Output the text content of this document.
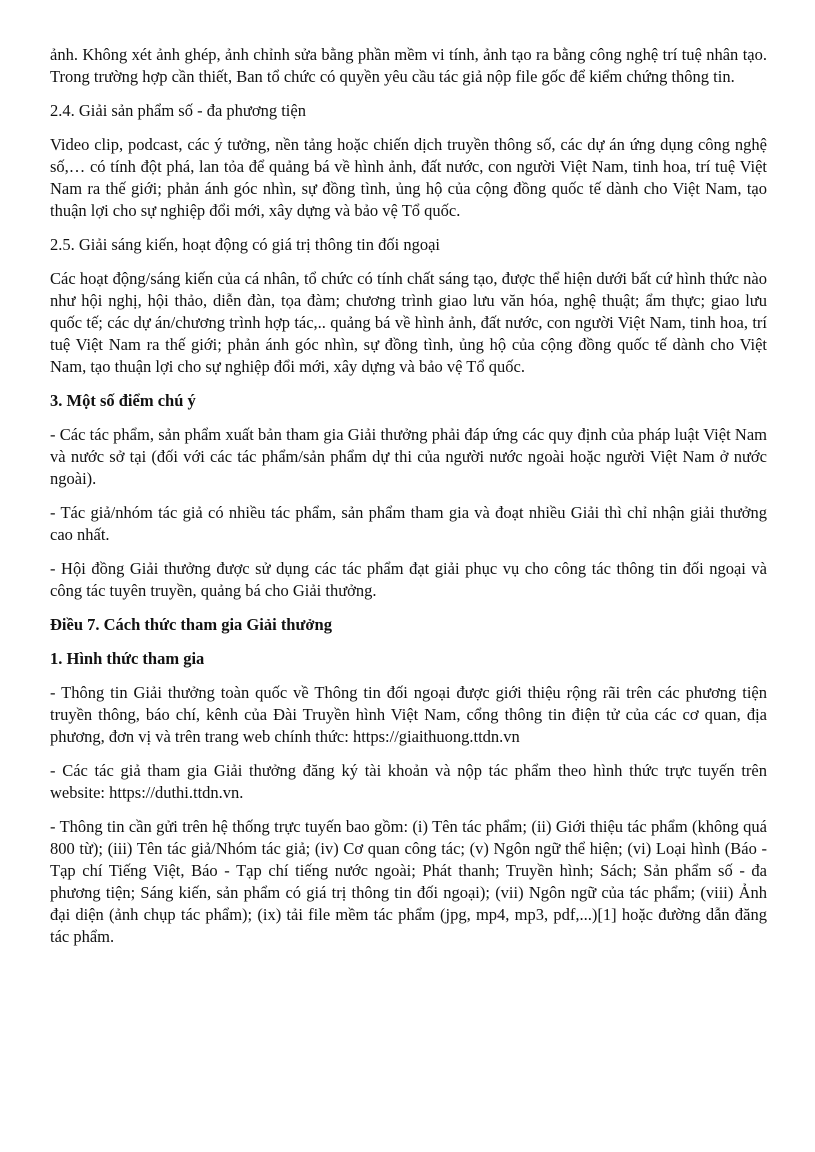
ảnh. Không xét ảnh ghép, ảnh chỉnh sửa bằng phần mềm vi tính, ảnh tạo ra bằng công nghệ trí tuệ nhân tạo. Trong trường hợp cần thiết, Ban tổ chức có quyền yêu cầu tác giả nộp file gốc để kiểm chứng thông tin.

2.4. Giải sản phẩm số - đa phương tiện

Video clip, podcast, các ý tưởng, nền tảng hoặc chiến dịch truyền thông số, các dự án ứng dụng công nghệ số,… có tính đột phá, lan tỏa để quảng bá về hình ảnh, đất nước, con người Việt Nam, tinh hoa, trí tuệ Việt Nam ra thế giới; phản ánh góc nhìn, sự đồng tình, ủng hộ của cộng đồng quốc tế dành cho Việt Nam, tạo thuận lợi cho sự nghiệp đổi mới, xây dựng và bảo vệ Tổ quốc.

2.5. Giải sáng kiến, hoạt động có giá trị thông tin đối ngoại

Các hoạt động/sáng kiến của cá nhân, tổ chức có tính chất sáng tạo, được thể hiện dưới bất cứ hình thức nào như hội nghị, hội thảo, diễn đàn, tọa đàm; chương trình giao lưu văn hóa, nghệ thuật; ẩm thực; giao lưu quốc tế; các dự án/chương trình hợp tác,.. quảng bá về hình ảnh, đất nước, con người Việt Nam, tinh hoa, trí tuệ Việt Nam ra thế giới; phản ánh góc nhìn, sự đồng tình, ủng hộ của cộng đồng quốc tế dành cho Việt Nam, tạo thuận lợi cho sự nghiệp đổi mới, xây dựng và bảo vệ Tổ quốc.

3. Một số điểm chú ý

- Các tác phẩm, sản phẩm xuất bản tham gia Giải thưởng phải đáp ứng các quy định của pháp luật Việt Nam và nước sở tại (đối với các tác phẩm/sản phẩm dự thi của người nước ngoài hoặc người Việt Nam ở nước ngoài).

- Tác giả/nhóm tác giả có nhiều tác phẩm, sản phẩm tham gia và đoạt nhiều Giải thì chỉ nhận giải thưởng cao nhất.

- Hội đồng Giải thưởng được sử dụng các tác phẩm đạt giải phục vụ cho công tác thông tin đối ngoại và công tác tuyên truyền, quảng bá cho Giải thưởng.

Điều 7. Cách thức tham gia Giải thưởng

1. Hình thức tham gia

- Thông tin Giải thưởng toàn quốc về Thông tin đối ngoại được giới thiệu rộng rãi trên các phương tiện truyền thông, báo chí, kênh của Đài Truyền hình Việt Nam, cổng thông tin điện tử của các cơ quan, địa phương, đơn vị và trên trang web chính thức: https://giaithuong.ttdn.vn

- Các tác giả tham gia Giải thưởng đăng ký tài khoản và nộp tác phẩm theo hình thức trực tuyến trên website: https://duthi.ttdn.vn.

- Thông tin cần gửi trên hệ thống trực tuyến bao gồm: (i) Tên tác phẩm; (ii) Giới thiệu tác phẩm (không quá 800 từ); (iii) Tên tác giả/Nhóm tác giả; (iv) Cơ quan công tác; (v) Ngôn ngữ thể hiện; (vi) Loại hình (Báo - Tạp chí Tiếng Việt, Báo - Tạp chí tiếng nước ngoài; Phát thanh; Truyền hình; Sách; Sản phẩm số - đa phương tiện; Sáng kiến, sản phẩm có giá trị thông tin đối ngoại); (vii) Ngôn ngữ của tác phẩm; (viii) Ảnh đại diện (ảnh chụp tác phẩm); (ix) tải file mềm tác phẩm (jpg, mp4, mp3, pdf,...)[1] hoặc đường dẫn đăng tác phẩm.
